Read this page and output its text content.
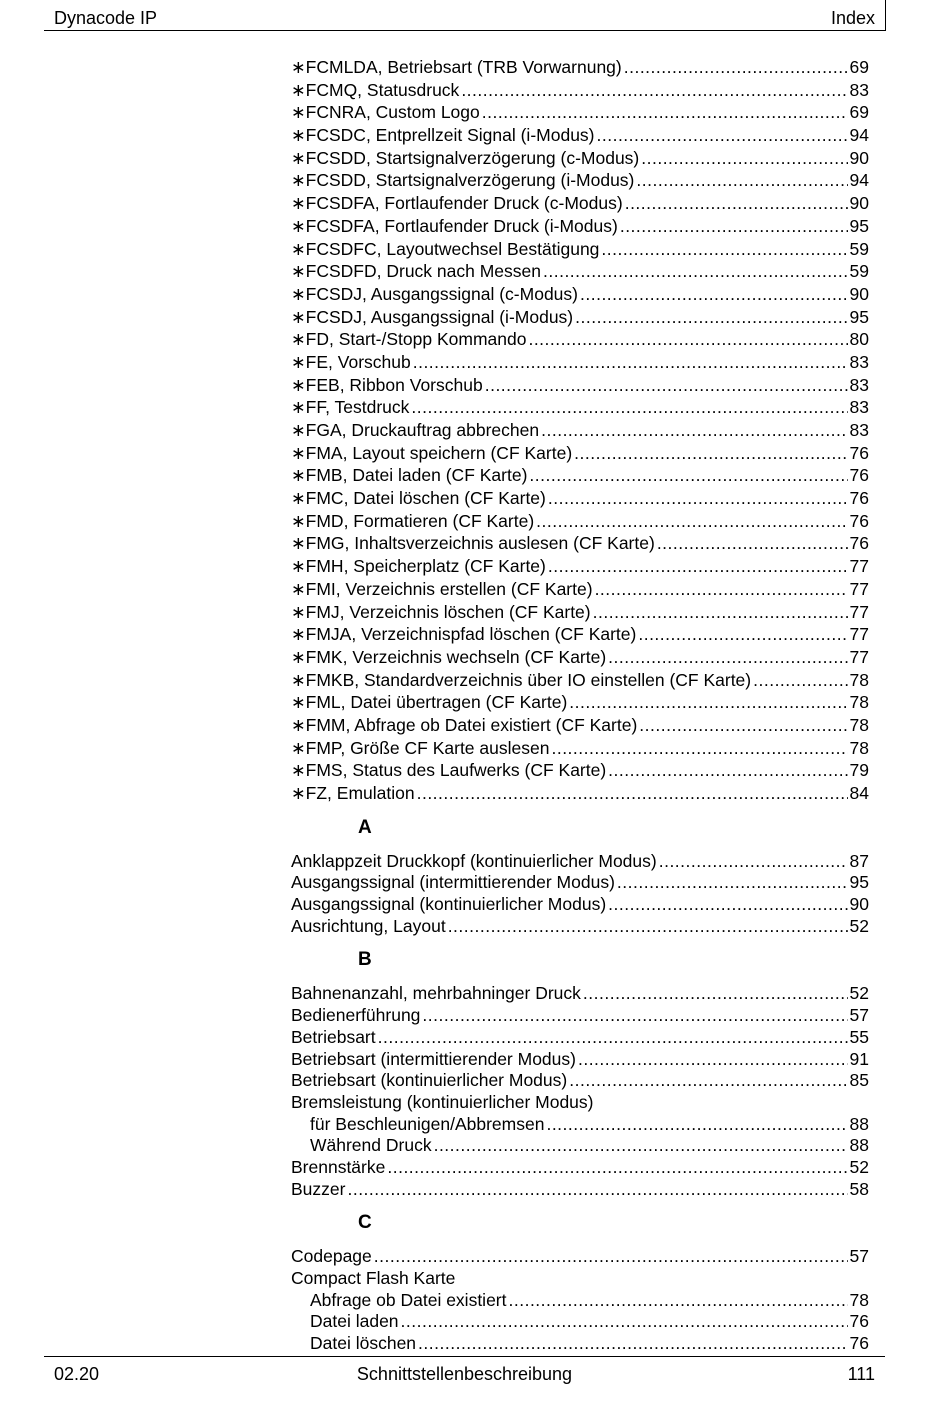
Dynacode IP	Index
∗FCMLDA, Betriebsart (TRB Vorwarnung) .....	69
∗FCMQ, Statusdruck .....	83
∗FCNRA, Custom Logo .....	69
∗FCSDC, Entprellzeit Signal (i-Modus) .....	94
∗FCSDD, Startsignalverzögerung (c-Modus) .....	90
∗FCSDD, Startsignalverzögerung (i-Modus) .....	94
∗FCSDFA, Fortlaufender Druck (c-Modus) .....	90
∗FCSDFA, Fortlaufender Druck (i-Modus) .....	95
∗FCSDFC, Layoutwechsel Bestätigung .....	59
∗FCSDFD, Druck nach Messen .....	59
∗FCSDJ, Ausgangssignal (c-Modus) .....	90
∗FCSDJ, Ausgangssignal (i-Modus) .....	95
∗FD, Start-/Stopp Kommando .....	80
∗FE, Vorschub .....	83
∗FEB, Ribbon Vorschub .....	83
∗FF, Testdruck .....	83
∗FGA, Druckauftrag abbrechen .....	83
∗FMA, Layout speichern (CF Karte) .....	76
∗FMB, Datei laden (CF Karte) .....	76
∗FMC, Datei löschen (CF Karte) .....	76
∗FMD, Formatieren (CF Karte) .....	76
∗FMG, Inhaltsverzeichnis auslesen (CF Karte) .....	76
∗FMH, Speicherplatz (CF Karte) .....	77
∗FMI, Verzeichnis erstellen (CF Karte) .....	77
∗FMJ, Verzeichnis löschen (CF Karte) .....	77
∗FMJA, Verzeichnispfad löschen (CF Karte) .....	77
∗FMK, Verzeichnis wechseln (CF Karte) .....	77
∗FMKB, Standardverzeichnis über IO einstellen (CF Karte) .....	78
∗FML, Datei übertragen (CF Karte) .....	78
∗FMM, Abfrage ob Datei existiert (CF Karte) .....	78
∗FMP, Größe CF Karte auslesen .....	78
∗FMS, Status des Laufwerks (CF Karte) .....	79
∗FZ, Emulation .....	84
A
Anklappzeit Druckkopf (kontinuierlicher Modus) .....	87
Ausgangssignal (intermittierender Modus) .....	95
Ausgangssignal (kontinuierlicher Modus) .....	90
Ausrichtung, Layout .....	52
B
Bahnenanzahl, mehrbahninger Druck .....	52
Bedienerführung .....	57
Betriebsart .....	55
Betriebsart (intermittierender Modus) .....	91
Betriebsart (kontinuierlicher Modus) .....	85
Bremsleistung (kontinuierlicher Modus)
für Beschleunigen/Abbremsen .....	88
Während Druck .....	88
Brennstärke .....	52
Buzzer .....	58
C
Codepage .....	57
Compact Flash Karte
Abfrage ob Datei existiert .....	78
Datei laden .....	76
Datei löschen .....	76
02.20	Schnittstellenbeschreibung	111
